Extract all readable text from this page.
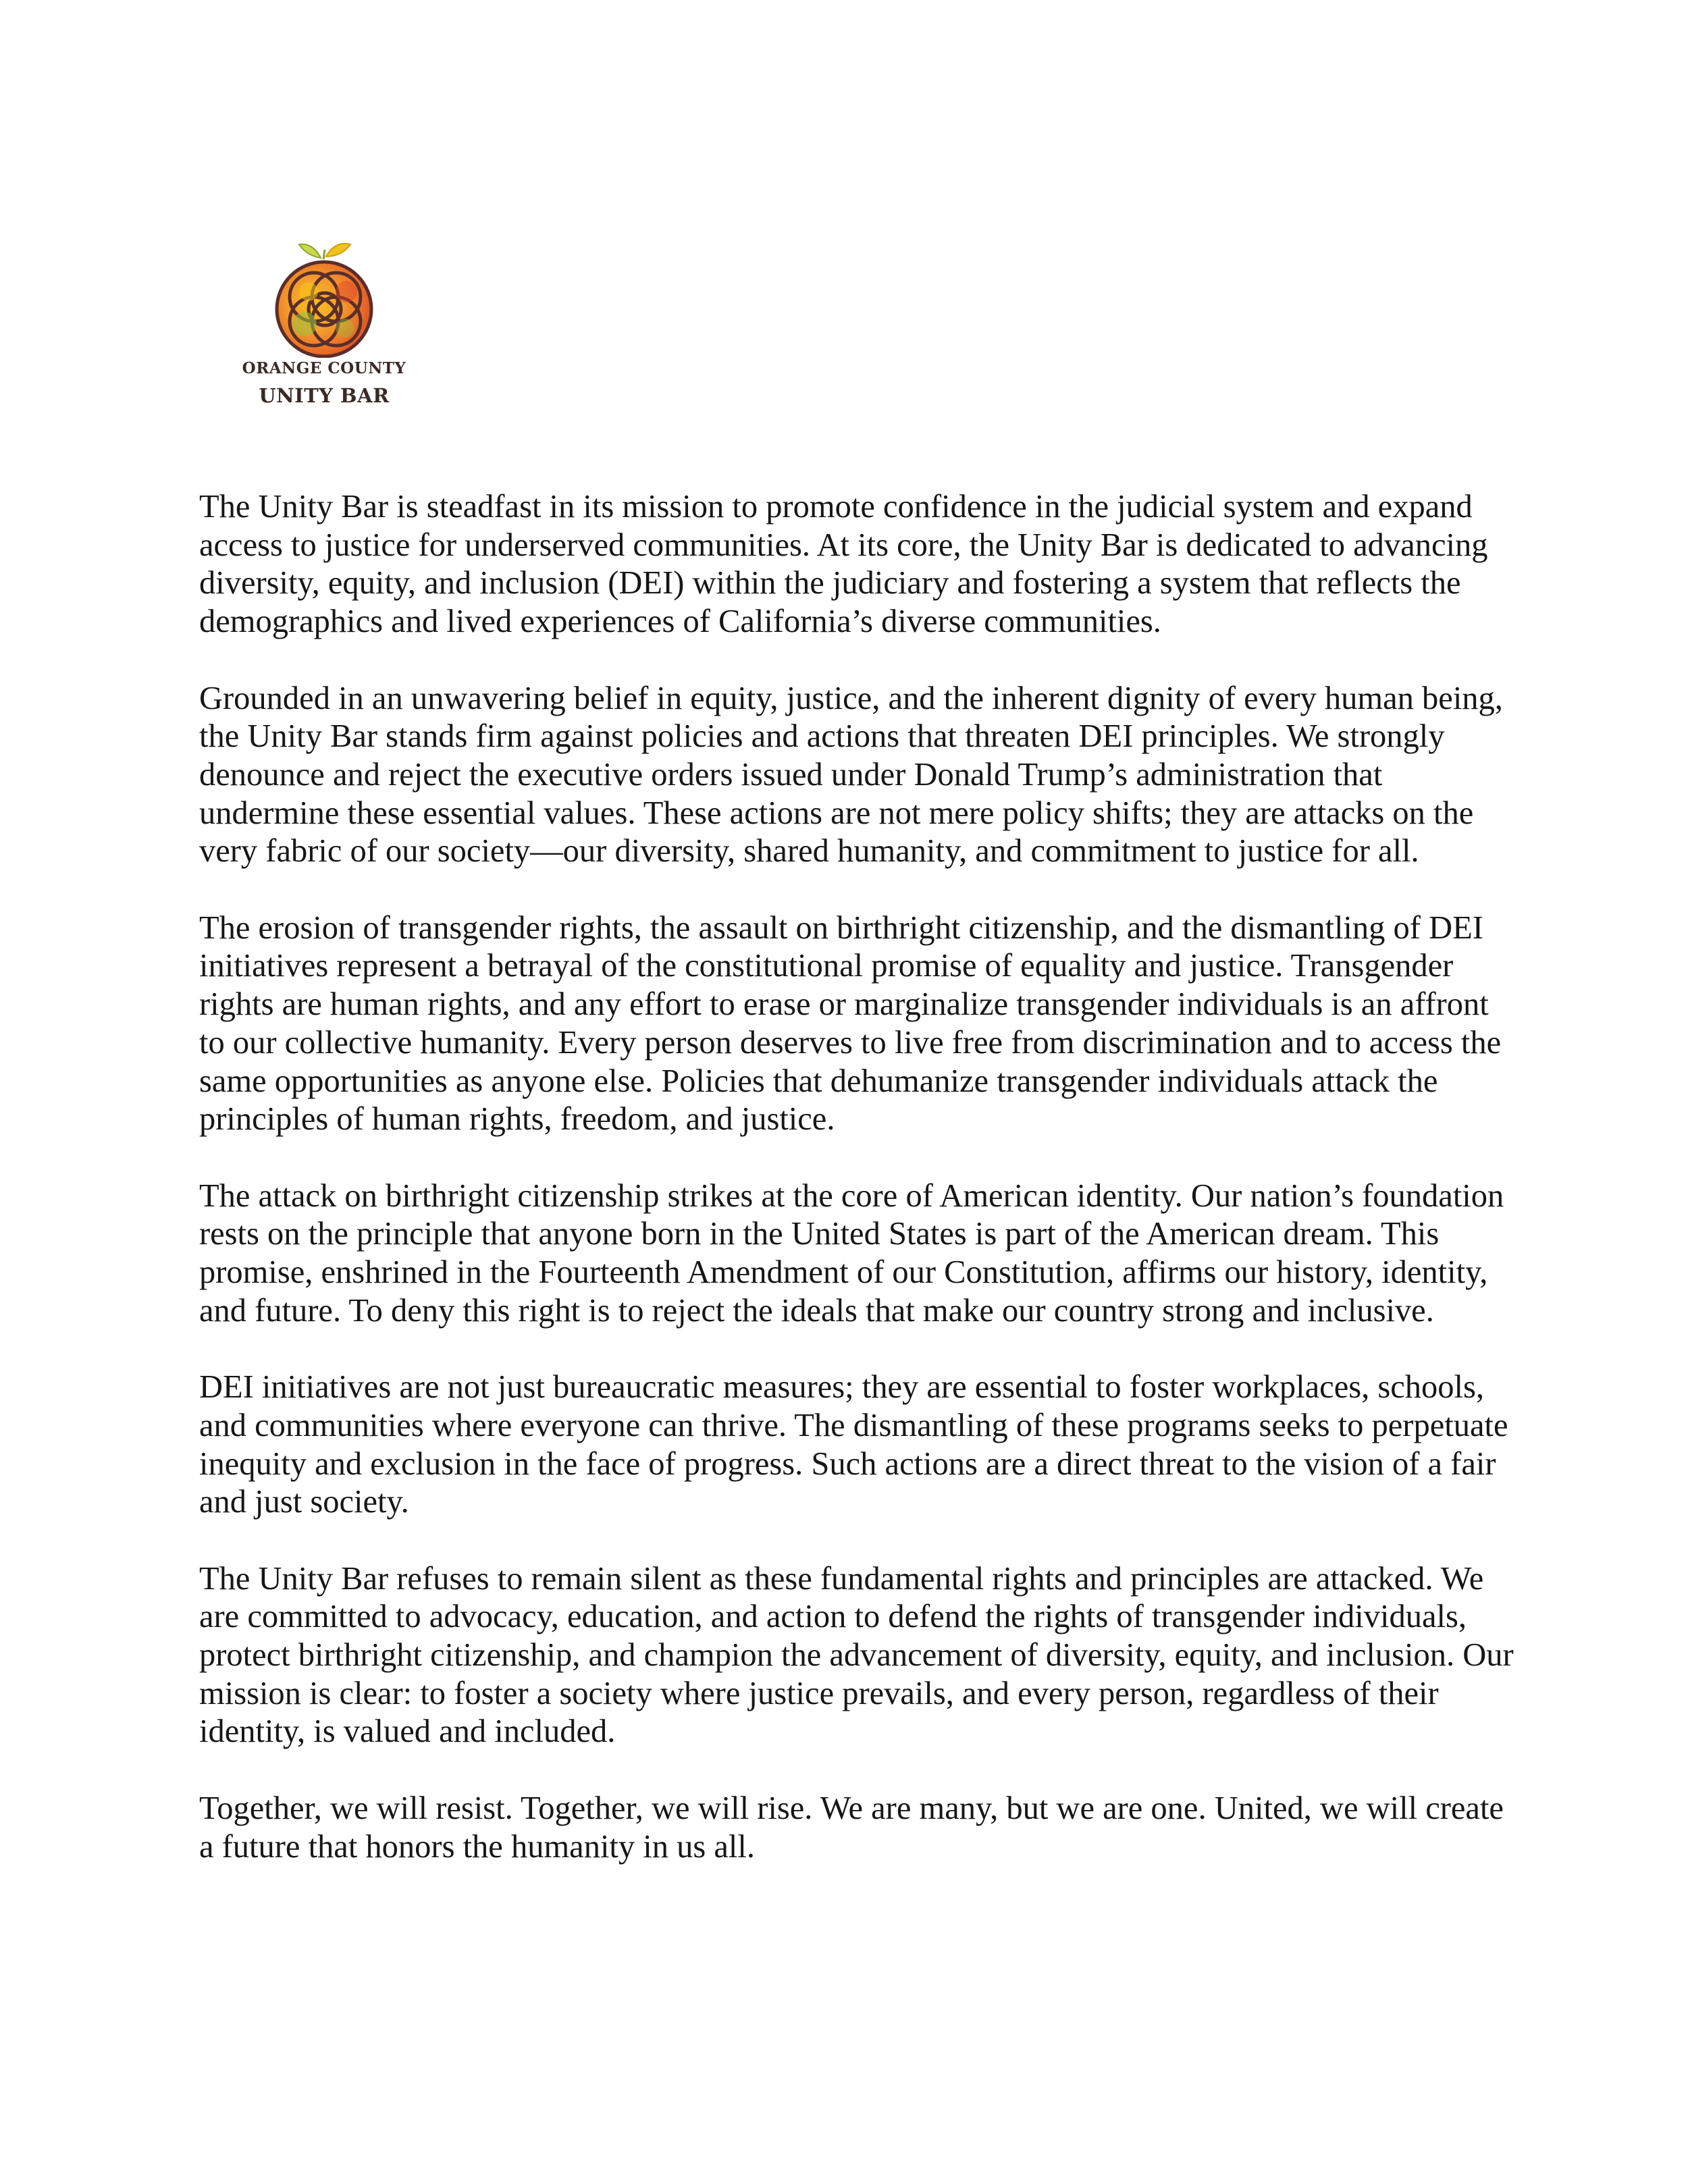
ORANGE COUNTY
UNITY BAR

The Unity Bar is steadfast in its mission to promote confidence in the judicial system and expand access to justice for underserved communities. At its core, the Unity Bar is dedicated to advancing diversity, equity, and inclusion (DEI) within the judiciary and fostering a system that reflects the demographics and lived experiences of California’s diverse communities.

Grounded in an unwavering belief in equity, justice, and the inherent dignity of every human being, the Unity Bar stands firm against policies and actions that threaten DEI principles. We strongly denounce and reject the executive orders issued under Donald Trump’s administration that undermine these essential values. These actions are not mere policy shifts; they are attacks on the very fabric of our society—our diversity, shared humanity, and commitment to justice for all.

The erosion of transgender rights, the assault on birthright citizenship, and the dismantling of DEI initiatives represent a betrayal of the constitutional promise of equality and justice. Transgender rights are human rights, and any effort to erase or marginalize transgender individuals is an affront to our collective humanity. Every person deserves to live free from discrimination and to access the same opportunities as anyone else. Policies that dehumanize transgender individuals attack the principles of human rights, freedom, and justice.

The attack on birthright citizenship strikes at the core of American identity. Our nation’s foundation rests on the principle that anyone born in the United States is part of the American dream. This promise, enshrined in the Fourteenth Amendment of our Constitution, affirms our history, identity, and future. To deny this right is to reject the ideals that make our country strong and inclusive.

DEI initiatives are not just bureaucratic measures; they are essential to foster workplaces, schools, and communities where everyone can thrive. The dismantling of these programs seeks to perpetuate inequity and exclusion in the face of progress. Such actions are a direct threat to the vision of a fair and just society.

The Unity Bar refuses to remain silent as these fundamental rights and principles are attacked. We are committed to advocacy, education, and action to defend the rights of transgender individuals, protect birthright citizenship, and champion the advancement of diversity, equity, and inclusion. Our mission is clear: to foster a society where justice prevails, and every person, regardless of their identity, is valued and included.

Together, we will resist. Together, we will rise. We are many, but we are one. United, we will create a future that honors the humanity in us all.
